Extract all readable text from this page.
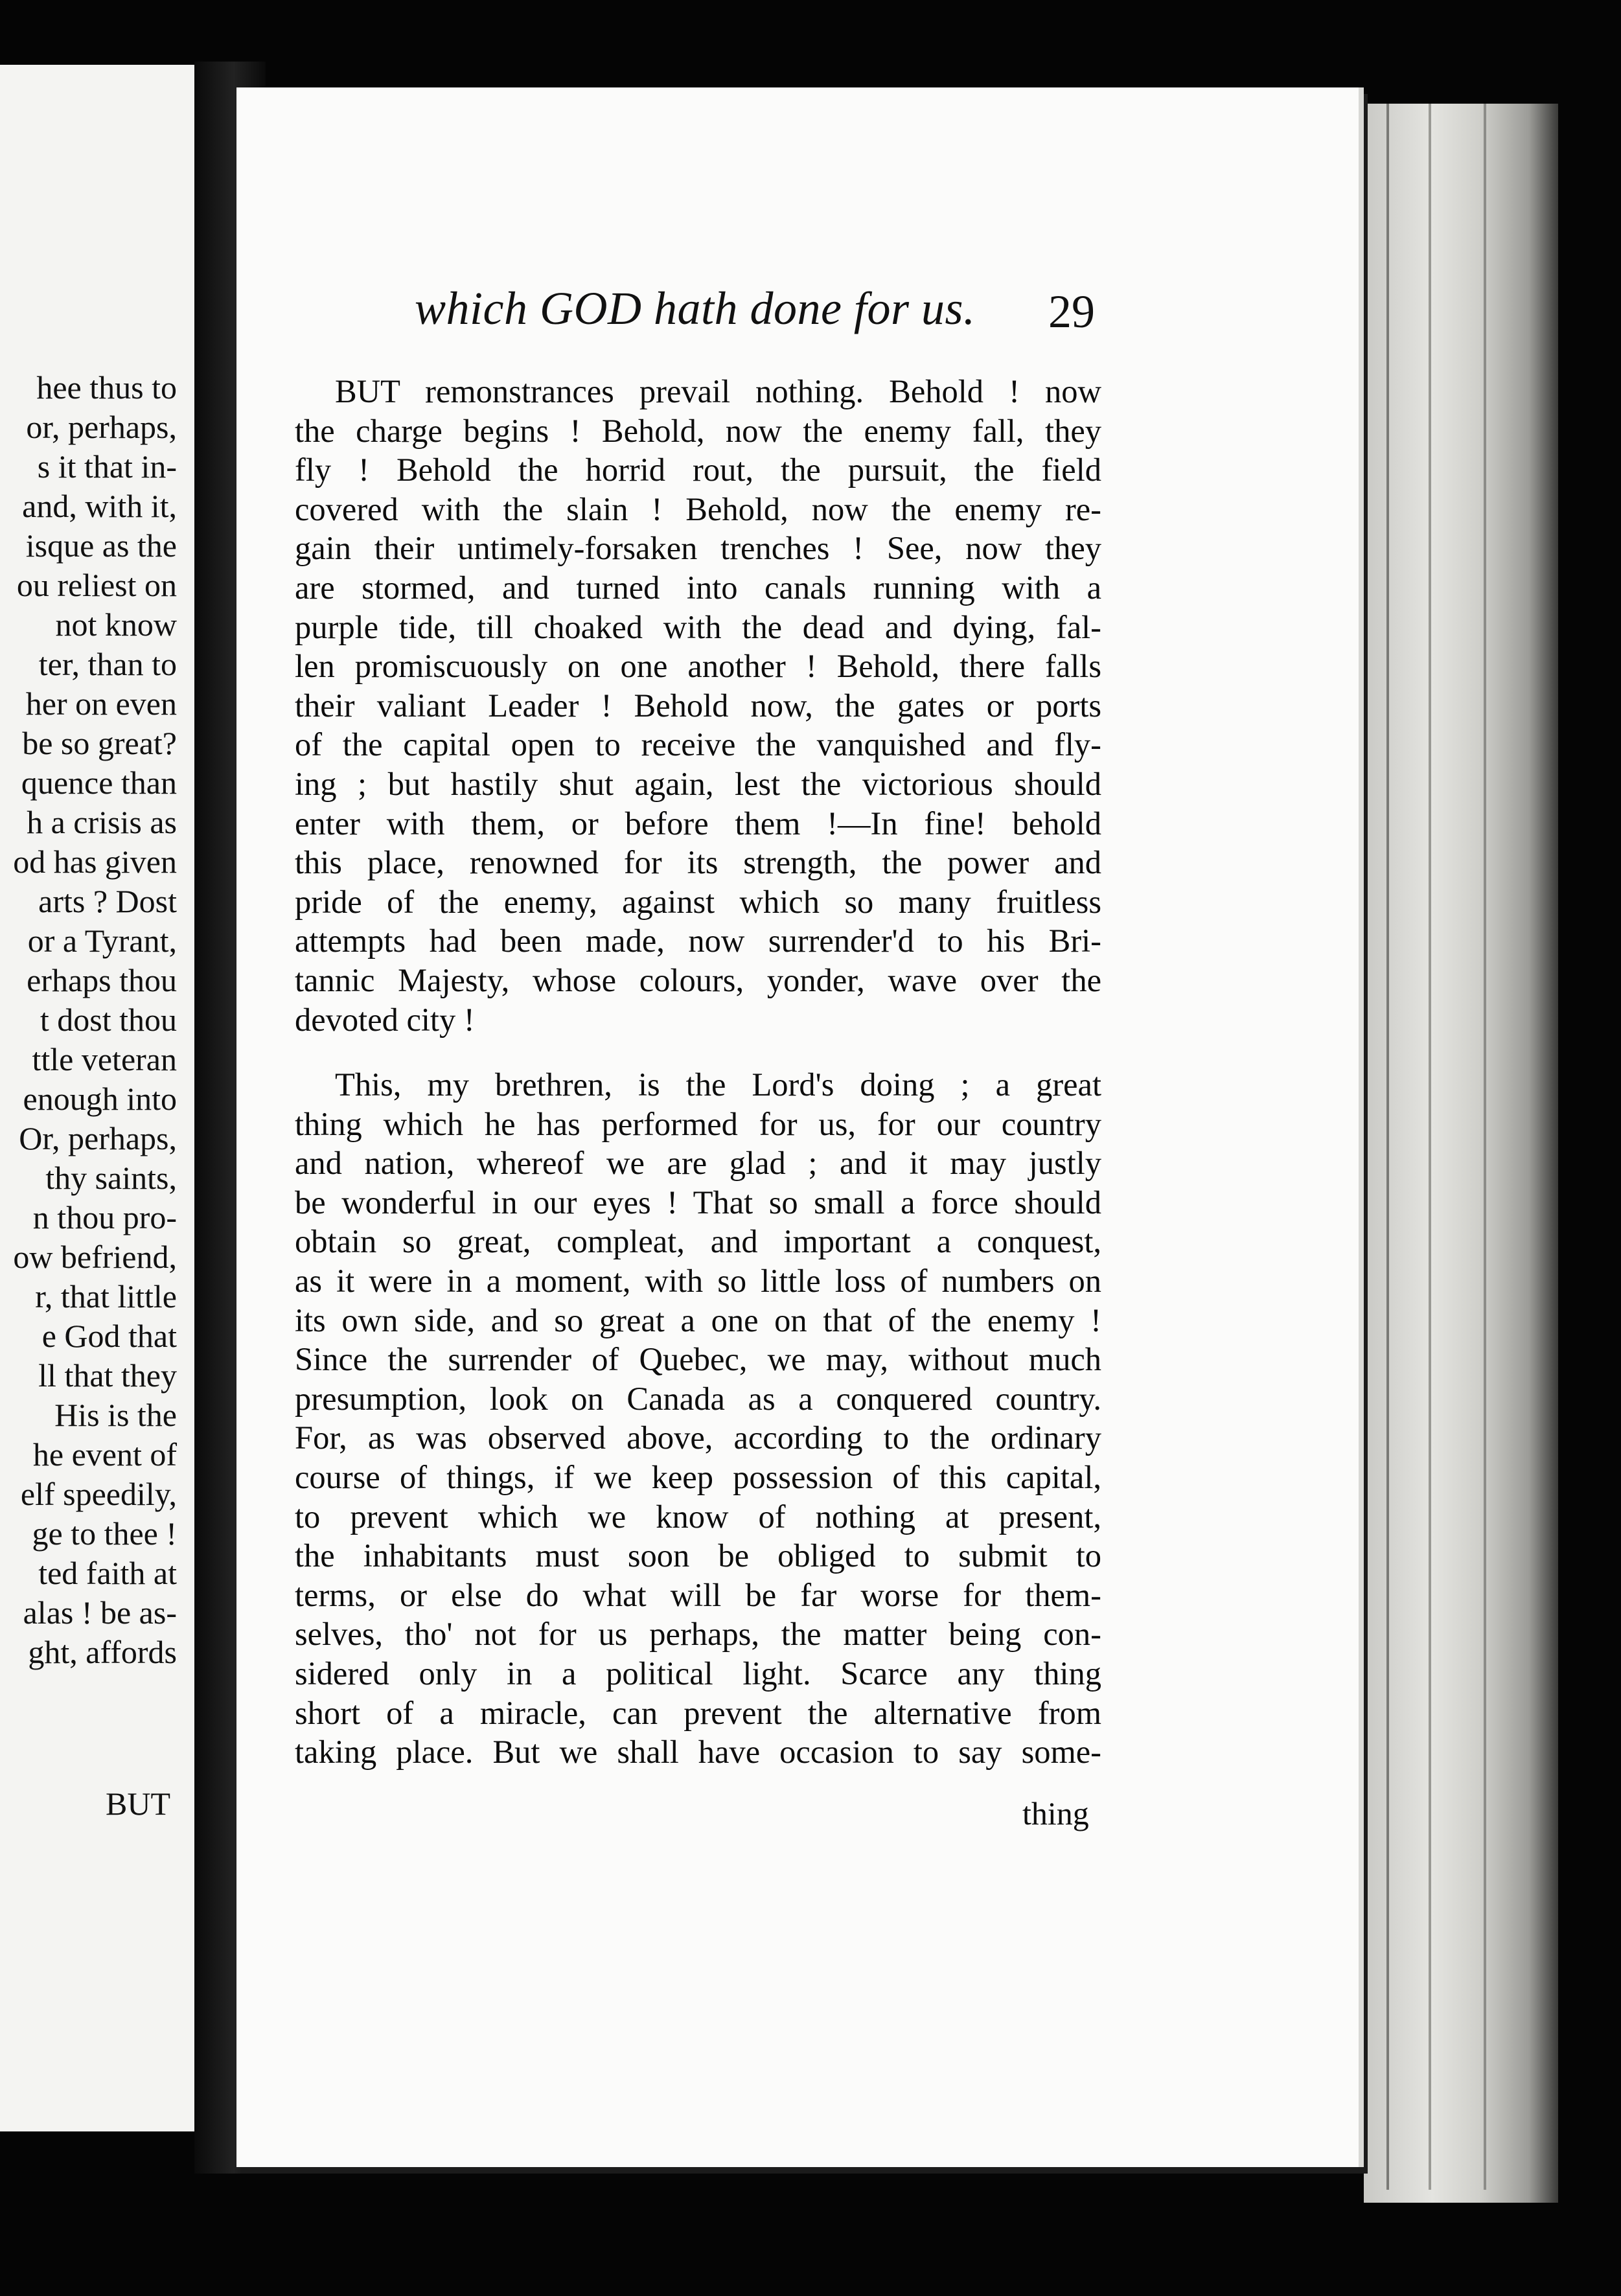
hee thus to
or, perhaps,
s it that in-
and, with it,
isque as the
ou reliest on
not know
ter, than to
her on even
be so great?
quence than
h a crisis as
od has given
arts ? Dost
or a Tyrant,
erhaps thou
t dost thou
ttle veteran
enough into
Or, perhaps,
thy saints,
n thou pro-
ow befriend,
r, that little
e God that
ll that they
His is the
he event of
elf speedily,
ge to thee !
ted faith at
alas ! be as-
ght, affords
BUT
which GOD hath done for us. 29
BUT remonstrances prevail nothing. Behold ! now
the charge begins ! Behold, now the enemy fall, they
fly ! Behold the horrid rout, the pursuit, the field
covered with the slain ! Behold, now the enemy re-
gain their untimely-forsaken trenches ! See, now they
are stormed, and turned into canals running with a
purple tide, till choaked with the dead and dying, fal-
len promiscuously on one another ! Behold, there falls
their valiant Leader ! Behold now, the gates or ports
of the capital open to receive the vanquished and fly-
ing ; but hastily shut again, lest the victorious should
enter with them, or before them !—In fine! behold
this place, renowned for its strength, the power and
pride of the enemy, against which so many fruitless
attempts had been made, now surrender'd to his Bri-
tannic Majesty, whose colours, yonder, wave over the
devoted city !
This, my brethren, is the Lord's doing ; a great
thing which he has performed for us, for our country
and nation, whereof we are glad ; and it may justly
be wonderful in our eyes ! That so small a force should
obtain so great, compleat, and important a conquest,
as it were in a moment, with so little loss of numbers on
its own side, and so great a one on that of the enemy !
Since the surrender of Quebec, we may, without much
presumption, look on Canada as a conquered country.
For, as was observed above, according to the ordinary
course of things, if we keep possession of this capital,
to prevent which we know of nothing at present,
the inhabitants must soon be obliged to submit to
terms, or else do what will be far worse for them-
selves, tho' not for us perhaps, the matter being con-
sidered only in a political light. Scarce any thing
short of a miracle, can prevent the alternative from
taking place. But we shall have occasion to say some-
thing
